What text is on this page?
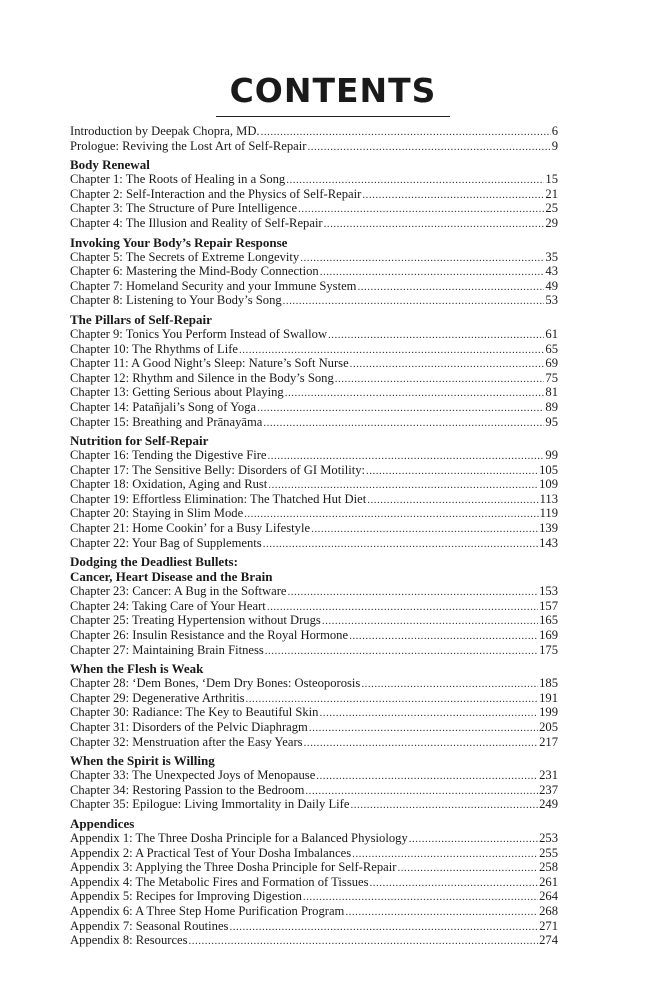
CONTENTS
Introduction by Deepak Chopra, MD. .....	6
Prologue: Reviving the Lost Art of Self-Repair .....	9
Body Renewal
Chapter 1: The Roots of Healing in a Song .....	15
Chapter 2: Self-Interaction and the Physics of Self-Repair .....	21
Chapter 3: The Structure of Pure Intelligence .....	25
Chapter 4: The Illusion and Reality of Self-Repair .....	29
Invoking Your Body’s Repair Response
Chapter 5: The Secrets of Extreme Longevity .....	35
Chapter 6: Mastering the Mind-Body Connection .....	43
Chapter 7: Homeland Security and your Immune System .....	49
Chapter 8: Listening to Your Body’s Song .....	53
The Pillars of Self-Repair
Chapter 9: Tonics You Perform Instead of Swallow .....	61
Chapter 10: The Rhythms of Life .....	65
Chapter 11: A Good Night’s Sleep: Nature’s Soft Nurse .....	69
Chapter 12: Rhythm and Silence in the Body’s Song .....	75
Chapter 13: Getting Serious about Playing .....	81
Chapter 14: Patañjali’s Song of Yoga .....	89
Chapter 15: Breathing and Prānayāma .....	95
Nutrition for Self-Repair
Chapter 16: Tending the Digestive Fire .....	99
Chapter 17: The Sensitive Belly: Disorders of GI Motility: .....	105
Chapter 18: Oxidation, Aging and Rust .....	109
Chapter 19: Effortless Elimination: The Thatched Hut Diet .....	113
Chapter 20: Staying in Slim Mode .....	119
Chapter 21: Home Cookin’ for a Busy Lifestyle .....	139
Chapter 22: Your Bag of Supplements .....	143
Dodging the Deadliest Bullets:
Cancer, Heart Disease and the Brain
Chapter 23: Cancer: A Bug in the Software .....	153
Chapter 24: Taking Care of Your Heart .....	157
Chapter 25: Treating Hypertension without Drugs .....	165
Chapter 26: Insulin Resistance and the Royal Hormone .....	169
Chapter 27: Maintaining Brain Fitness .....	175
When the Flesh is Weak
Chapter 28: ‘Dem Bones, ‘Dem Dry Bones: Osteoporosis .....	185
Chapter 29: Degenerative Arthritis .....	191
Chapter 30: Radiance: The Key to Beautiful Skin .....	199
Chapter 31: Disorders of the Pelvic Diaphragm .....	205
Chapter 32: Menstruation after the Easy Years .....	217
When the Spirit is Willing
Chapter 33: The Unexpected Joys of Menopause .....	231
Chapter 34: Restoring Passion to the Bedroom .....	237
Chapter 35: Epilogue: Living Immortality in Daily Life .....	249
Appendices
Appendix 1: The Three Dosha Principle for a Balanced Physiology .....	253
Appendix 2: A Practical Test of Your Dosha Imbalances .....	255
Appendix 3: Applying the Three Dosha Principle for Self-Repair .....	258
Appendix 4: The Metabolic Fires and Formation of Tissues .....	261
Appendix 5: Recipes for Improving Digestion .....	264
Appendix 6: A Three Step Home Purification Program .....	268
Appendix 7: Seasonal Routines .....	271
Appendix 8: Resources .....	274
